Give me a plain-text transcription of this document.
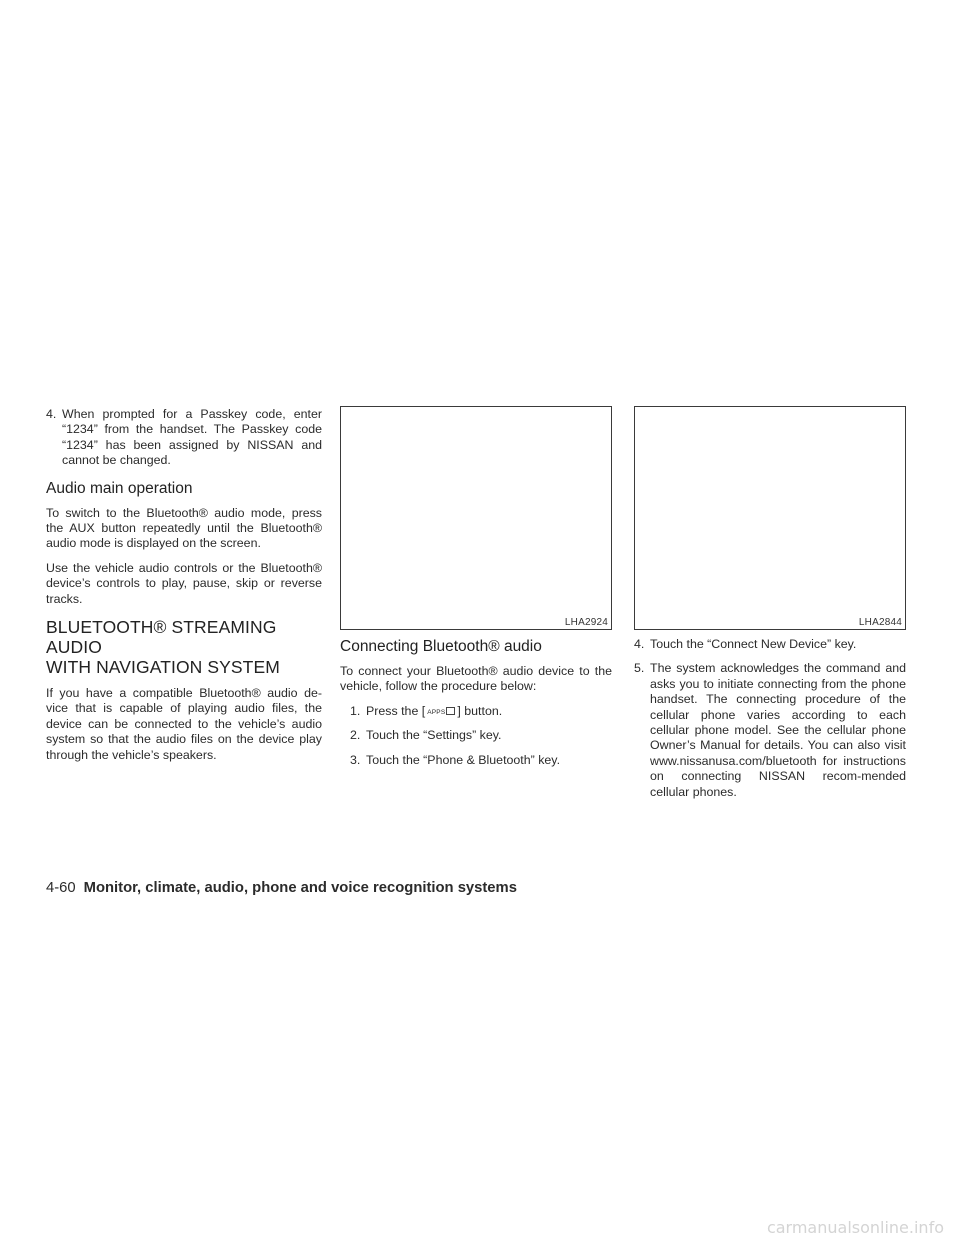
4. When prompted for a Passkey code, enter “1234” from the handset. The Passkey code “1234” has been assigned by NISSAN and cannot be changed.
Audio main operation

To switch to the Bluetooth® audio mode, press the AUX button repeatedly until the Bluetooth® audio mode is displayed on the screen.

Use the vehicle audio controls or the Bluetooth® device’s controls to play, pause, skip or reverse tracks.

BLUETOOTH® STREAMING AUDIO
WITH NAVIGATION SYSTEM

If you have a compatible Bluetooth® audio de-vice that is capable of playing audio files, the device can be connected to the vehicle’s audio system so that the audio files on the device play through the vehicle’s speakers.

LHA2924	LHA2844
Connecting Bluetooth® audio

To connect your Bluetooth® audio device to the vehicle, follow the procedure below:

1. Press the [ APPS ] button.
2. Touch the “Settings” key.
3. Touch the “Phone & Bluetooth” key.
4. Touch the “Connect New Device” key.
5. The system acknowledges the command and asks you to initiate connecting from the phone handset. The connecting procedure of the cellular phone varies according to each cellular phone model. See the cellular phone Owner’s Manual for details. You can also visit www.nissanusa.com/bluetooth for instructions on connecting NISSAN recom-mended cellular phones.
4-60 Monitor, climate, audio, phone and voice recognition systems
carmanualsonline.info
